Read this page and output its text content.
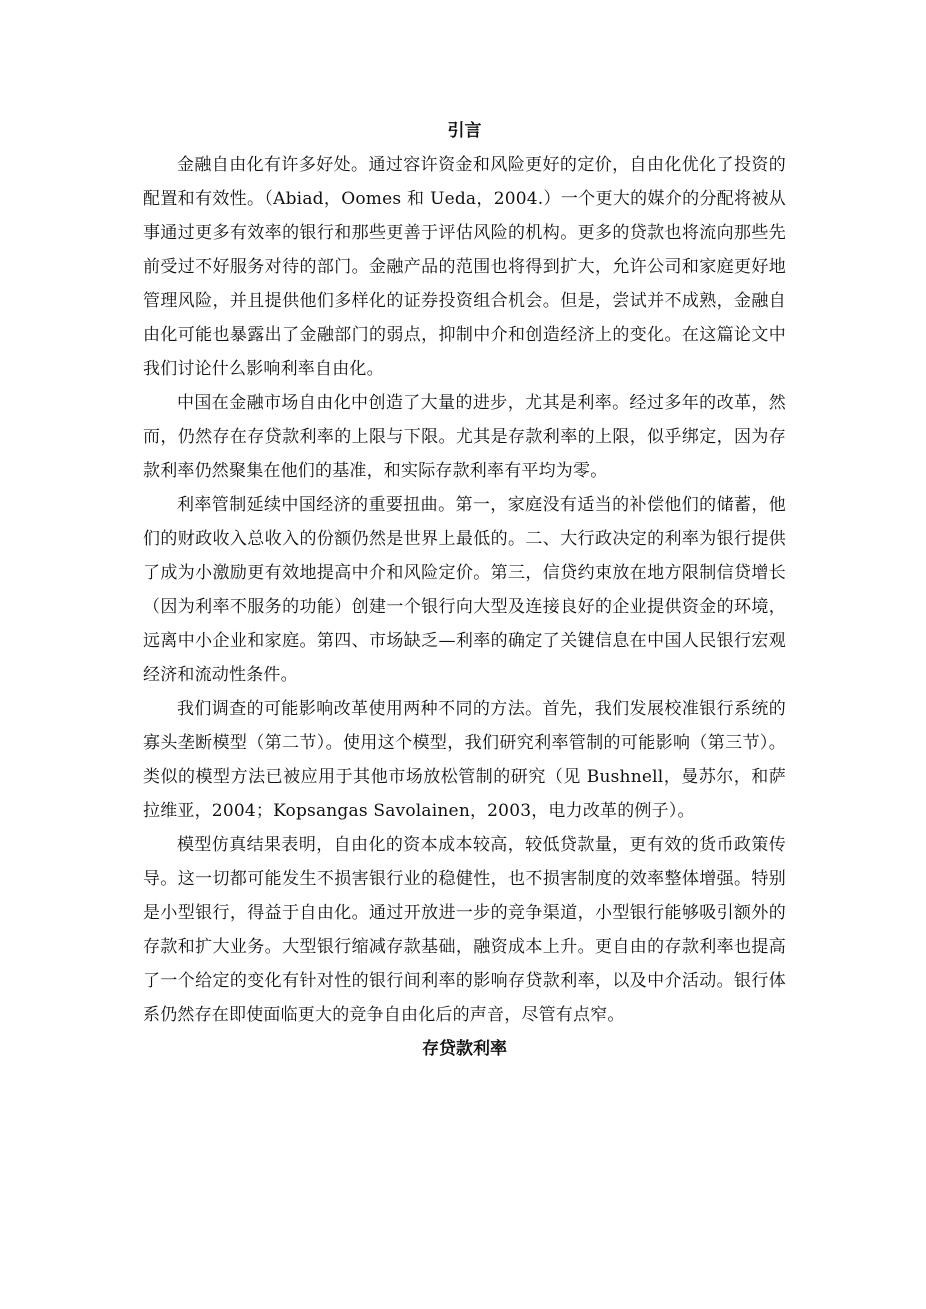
引言

金融自由化有许多好处。通过容许资金和风险更好的定价，自由化优化了投资的配置和有效性。（Abiad，Oomes 和 Ueda，2004.）一个更大的媒介的分配将被从事通过更多有效率的银行和那些更善于评估风险的机构。更多的贷款也将流向那些先前受过不好服务对待的部门。金融产品的范围也将得到扩大，允许公司和家庭更好地管理风险，并且提供他们多样化的证券投资组合机会。但是，尝试并不成熟，金融自由化可能也暴露出了金融部门的弱点，抑制中介和创造经济上的变化。在这篇论文中我们讨论什么影响利率自由化。

中国在金融市场自由化中创造了大量的进步，尤其是利率。经过多年的改革，然而，仍然存在存贷款利率的上限与下限。尤其是存款利率的上限，似乎绑定，因为存款利率仍然聚集在他们的基准，和实际存款利率有平均为零。

利率管制延续中国经济的重要扭曲。第一，家庭没有适当的补偿他们的储蓄，他们的财政收入总收入的份额仍然是世界上最低的。二、大行政决定的利率为银行提供了成为小激励更有效地提高中介和风险定价。第三，信贷约束放在地方限制信贷增长（因为利率不服务的功能）创建一个银行向大型及连接良好的企业提供资金的环境，远离中小企业和家庭。第四、市场缺乏—利率的确定了关键信息在中国人民银行宏观经济和流动性条件。

我们调查的可能影响改革使用两种不同的方法。首先，我们发展校准银行系统的寡头垄断模型（第二节）。使用这个模型，我们研究利率管制的可能影响（第三节）。类似的模型方法已被应用于其他市场放松管制的研究（见 Bushnell，曼苏尔，和萨拉维亚，2004；Kopsangas Savolainen，2003，电力改革的例子）。

模型仿真结果表明，自由化的资本成本较高，较低贷款量，更有效的货币政策传导。这一切都可能发生不损害银行业的稳健性，也不损害制度的效率整体增强。特别是小型银行，得益于自由化。通过开放进一步的竞争渠道，小型银行能够吸引额外的存款和扩大业务。大型银行缩减存款基础，融资成本上升。更自由的存款利率也提高了一个给定的变化有针对性的银行间利率的影响存贷款利率，以及中介活动。银行体系仍然存在即使面临更大的竞争自由化后的声音，尽管有点窄。

存贷款利率
